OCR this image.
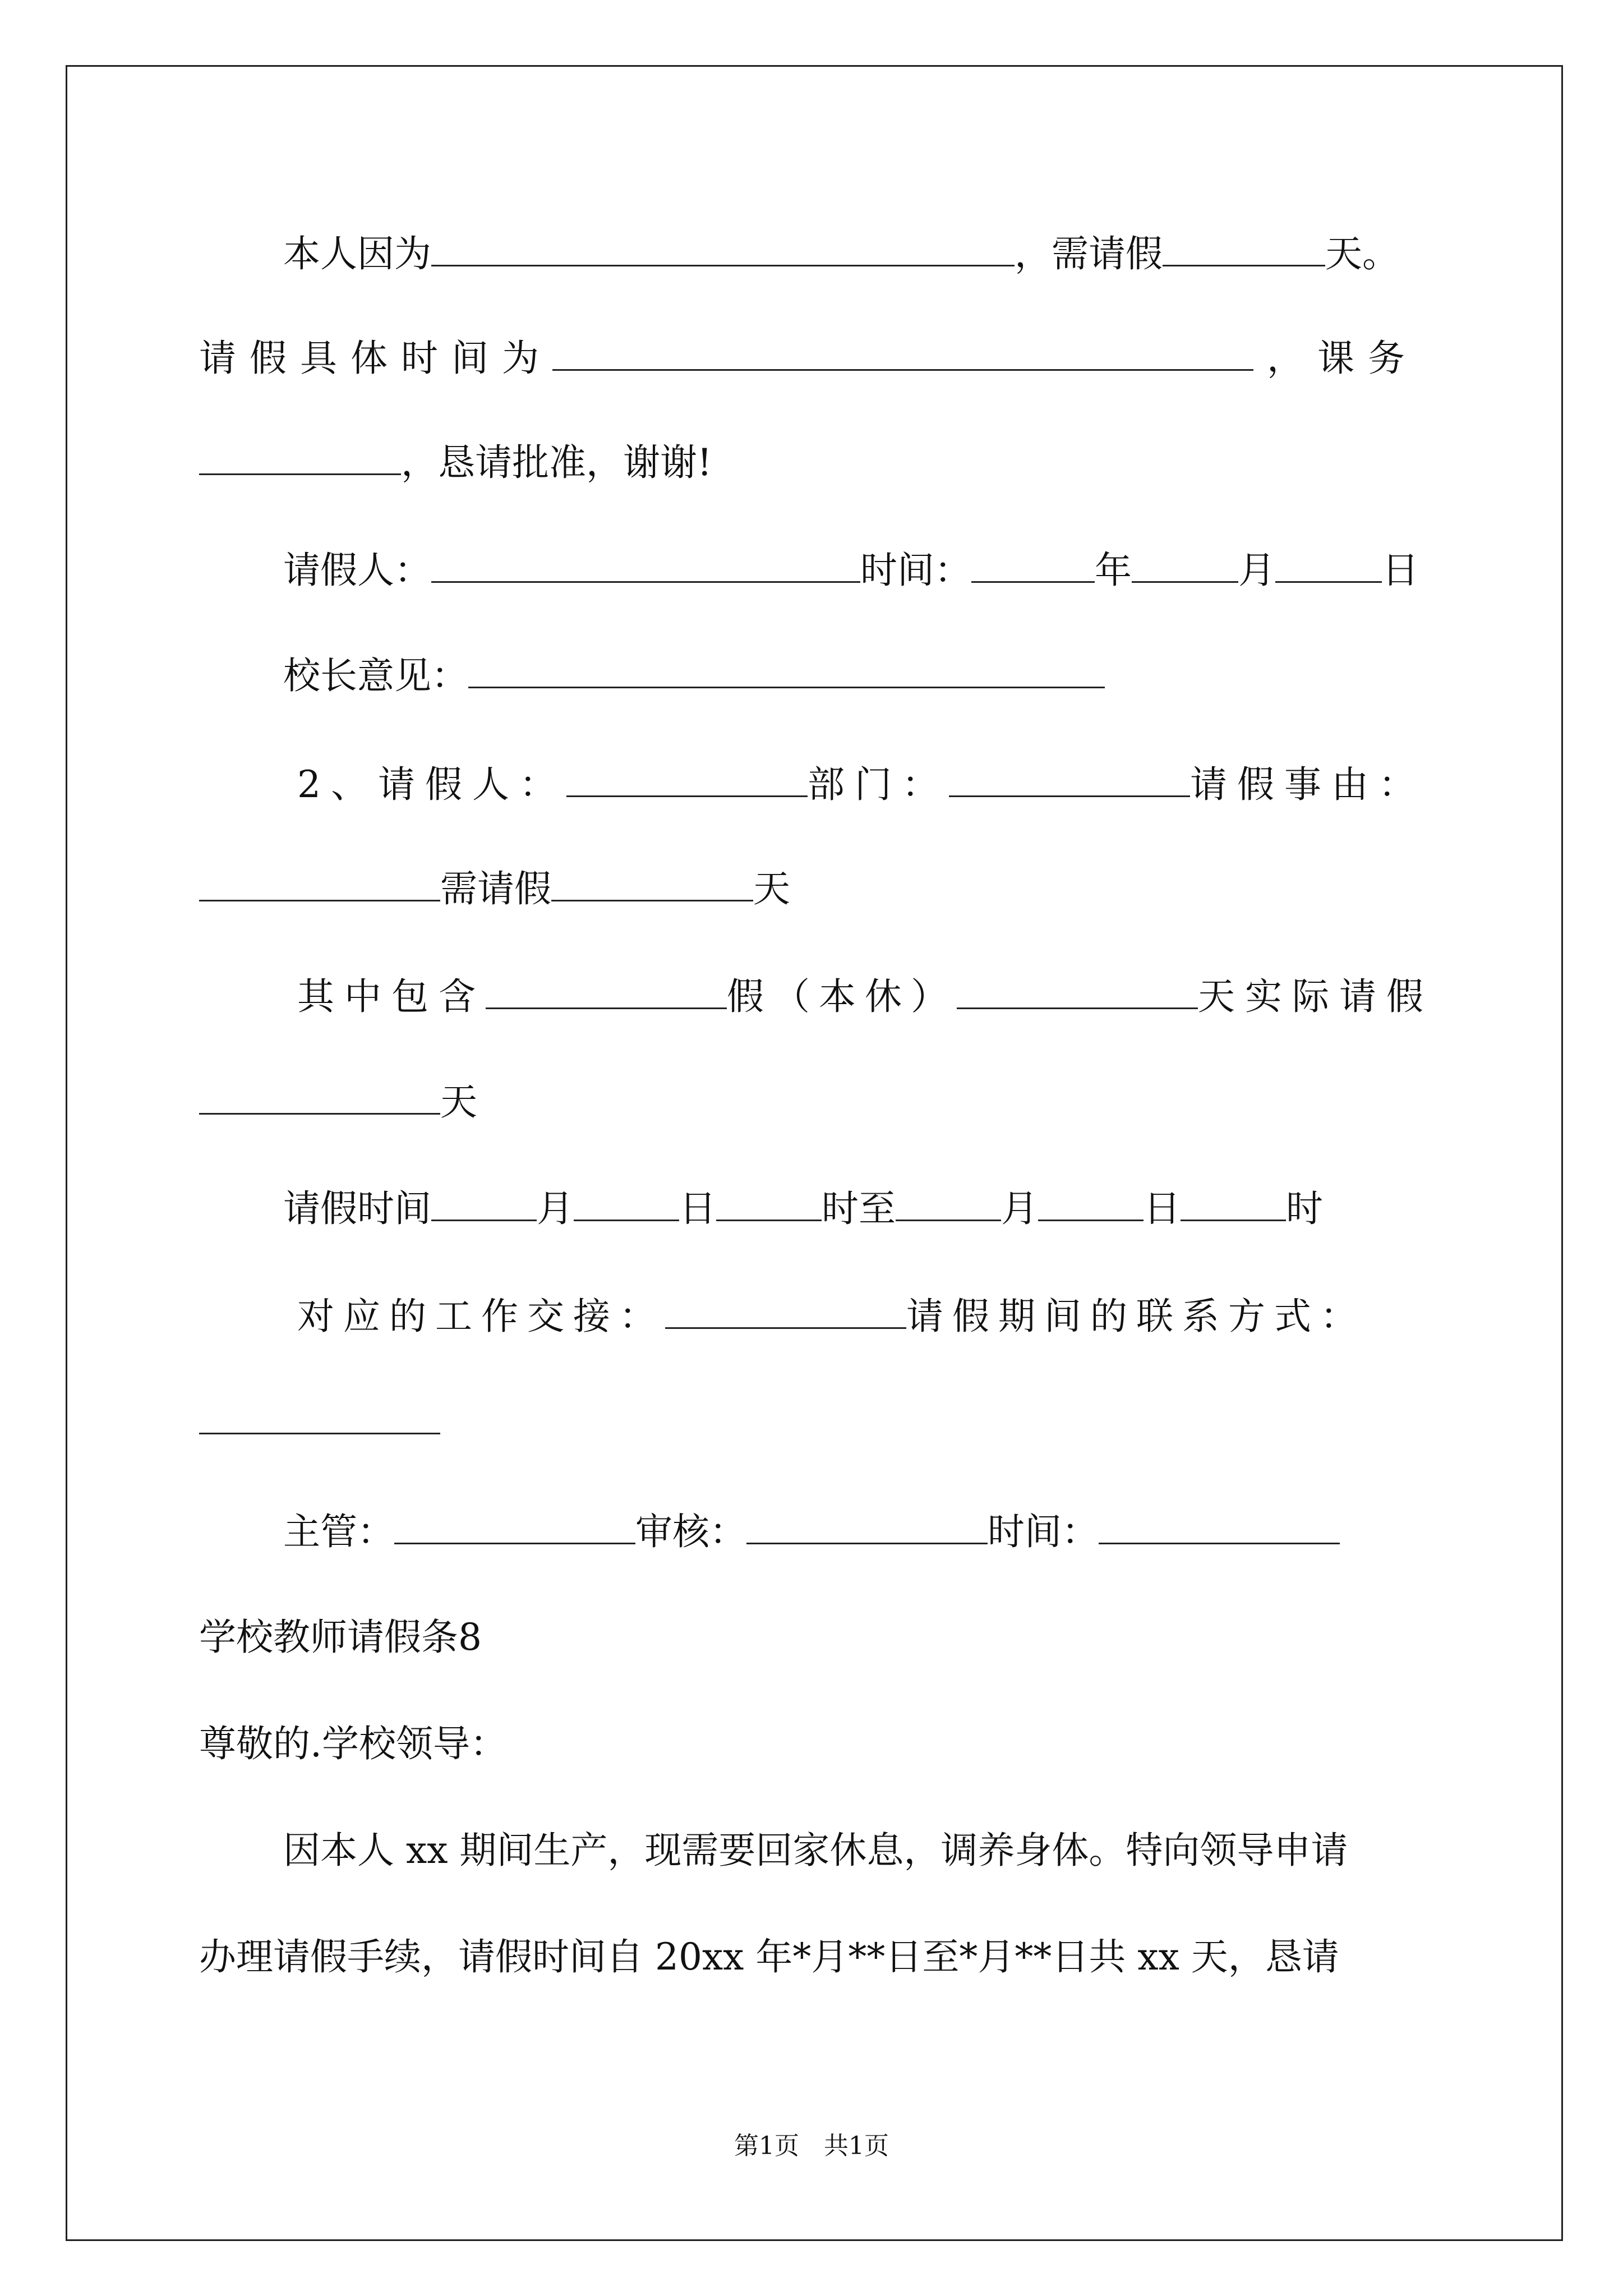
本人因为	，需请假	天。
请假具体时间为	，课务
，恳请批准，谢谢!
请假人：	时间：	年	月	日
校长意见：
2、请假人：	部门：	请假事由：
需请假	天
其中包含	假（本休）	天实际请假
天
请假时间	月	日	时至	月	日	时
对应的工作交接：	请假期间的联系方式：
主管：	审核：	时间：
学校教师请假条8
尊敬的.学校领导：
因本人 xx 期间生产，现需要回家休息，调养身体。特向领导申请
办理请假手续，请假时间自 20xx 年*月**日至*月**日共 xx 天，恳请
第1页 共1页
